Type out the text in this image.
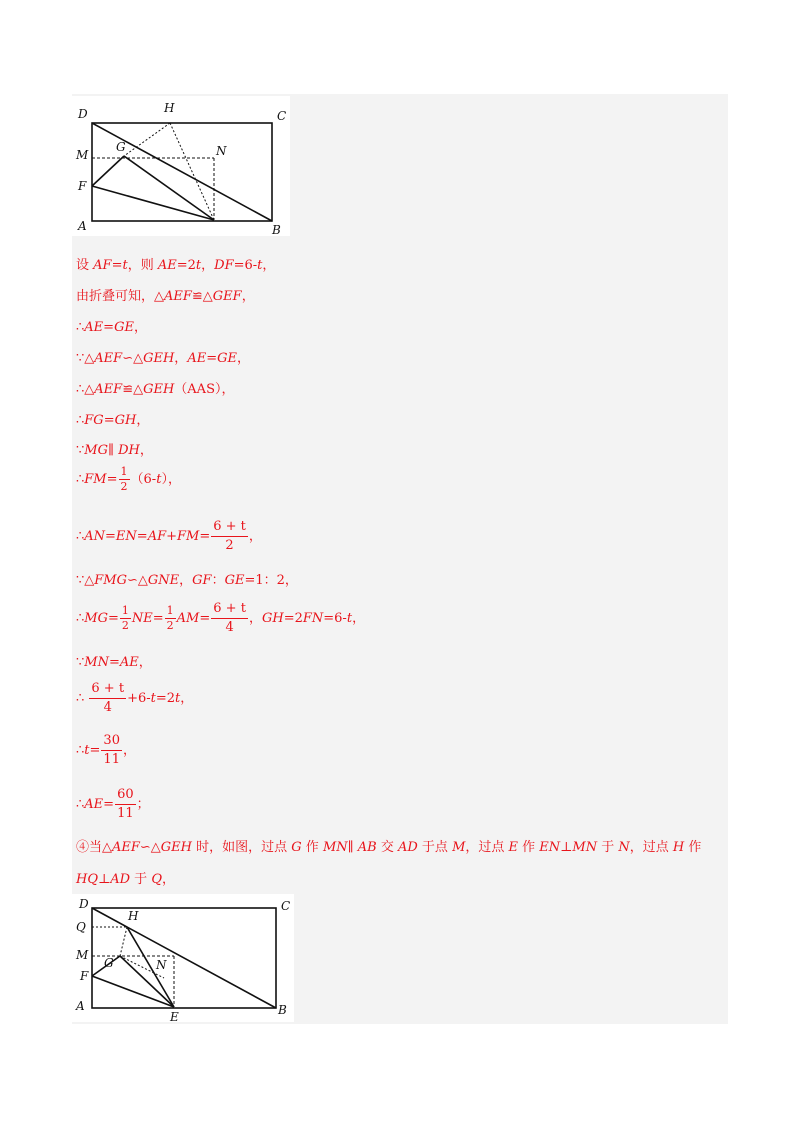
D	H
C
M
G	N
F
A	B
设 AF=t，则 AE=2t，DF=6-t，
由折叠可知，△AEF≌△GEF，
∴AE=GE，
∵△AEF∽△GEH，AE=GE，
∴△AEF≌△GEH（AAS），
∴FG=GH，
∵MG∥ DH，
∴FM= $\frac{1}{2} (6-t)$，
∴AN=EN=AF+FM= $\frac{6 + t}{2}$ ，
∵△FMG∽△GNE，GF：GE=1：2，
∴MG= $\frac{1}{2} NE= \frac{1}{2} AM= \frac{6 + t}{4}$ ，GH=2FN=6-t，
∵MN=AE，
∴ $\frac{6 + t}{4} +6-t=2t$，
∴t= $\frac{30}{11}$ ，
∴AE= $\frac{60}{11}$ ；
④当△AEF∽△GEH 时，如图，过点 G 作 MN∥ AB 交 AD 于点 M，过点 E 作 EN⊥MN 于 N，过点 H 作
HQ⊥AD 于 Q，
D
H
C
Q
M
G	N
F
A
E	B
